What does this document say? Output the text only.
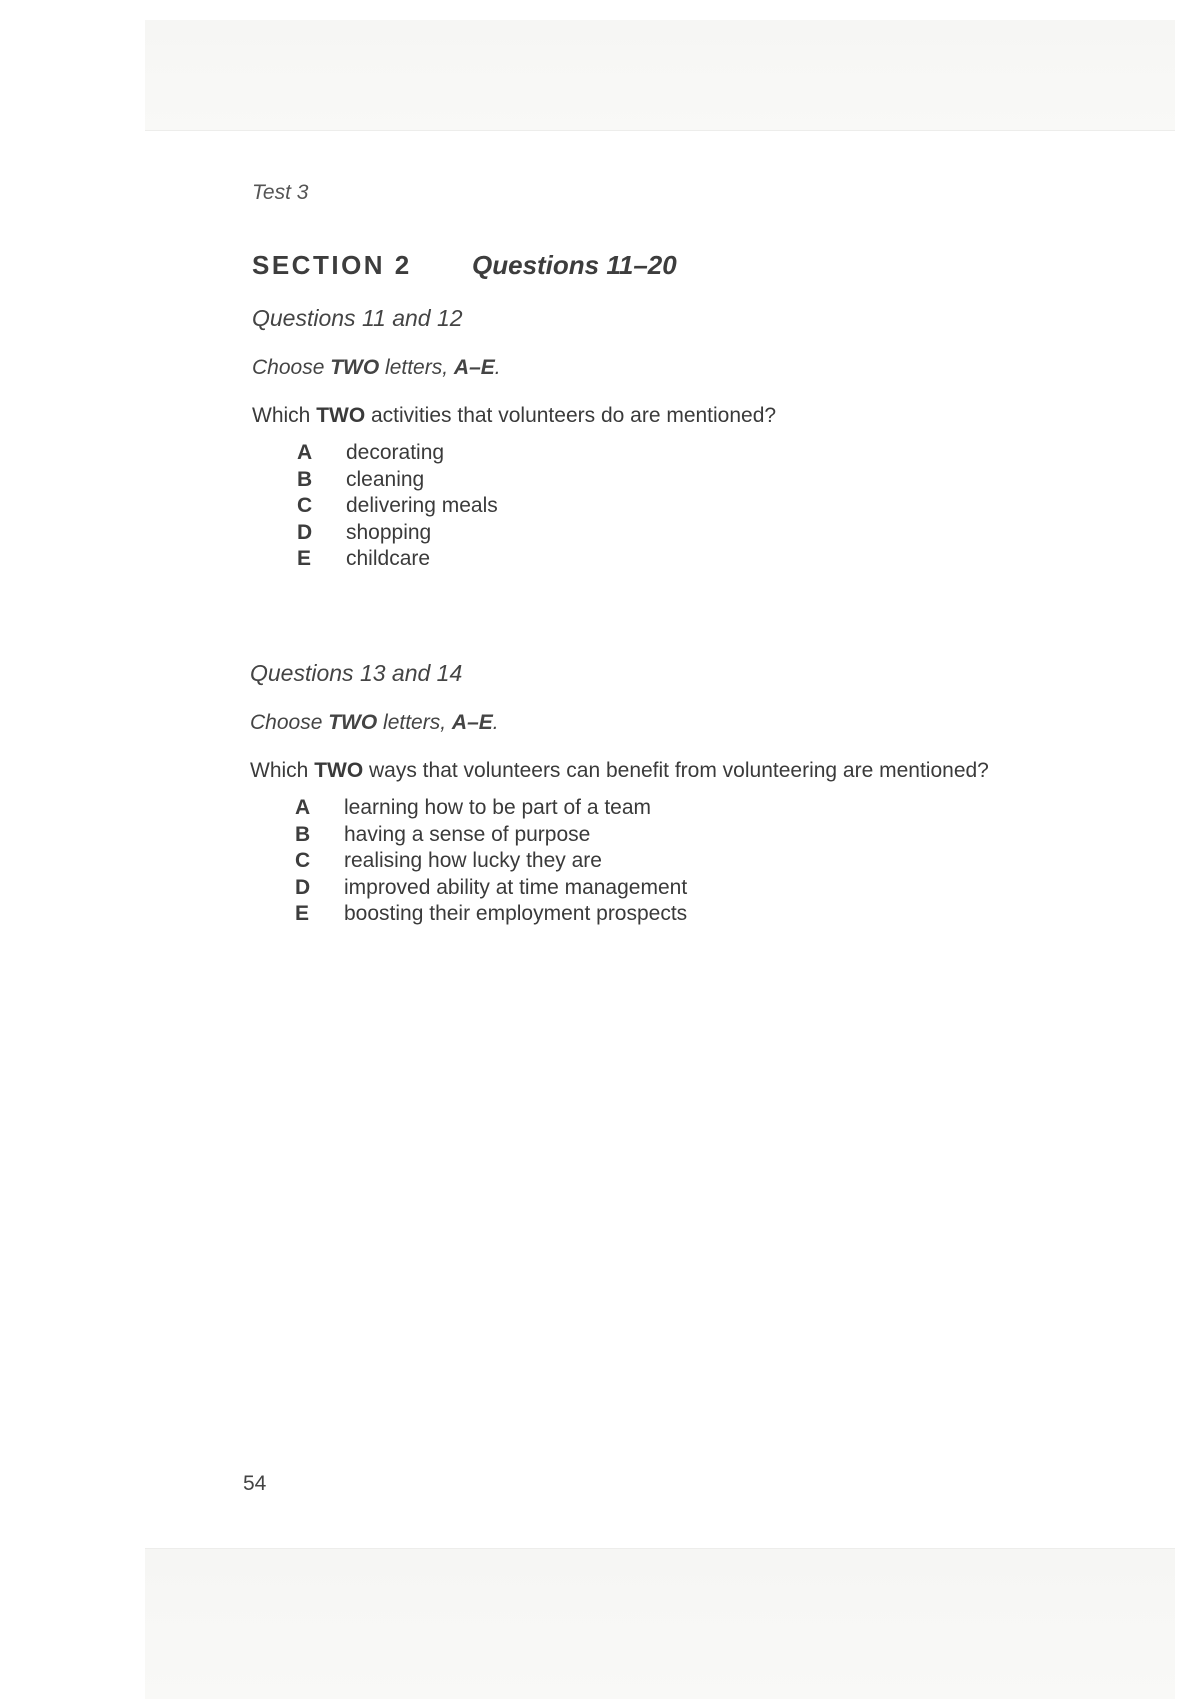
Test 3
SECTION 2	Questions 11–20
Questions 11 and 12
Choose TWO letters, A–E.
Which TWO activities that volunteers do are mentioned?
A	decorating
B	cleaning
C	delivering meals
D	shopping
E	childcare
Questions 13 and 14
Choose TWO letters, A–E.
Which TWO ways that volunteers can benefit from volunteering are mentioned?
A	learning how to be part of a team
B	having a sense of purpose
C	realising how lucky they are
D	improved ability at time management
E	boosting their employment prospects
54
